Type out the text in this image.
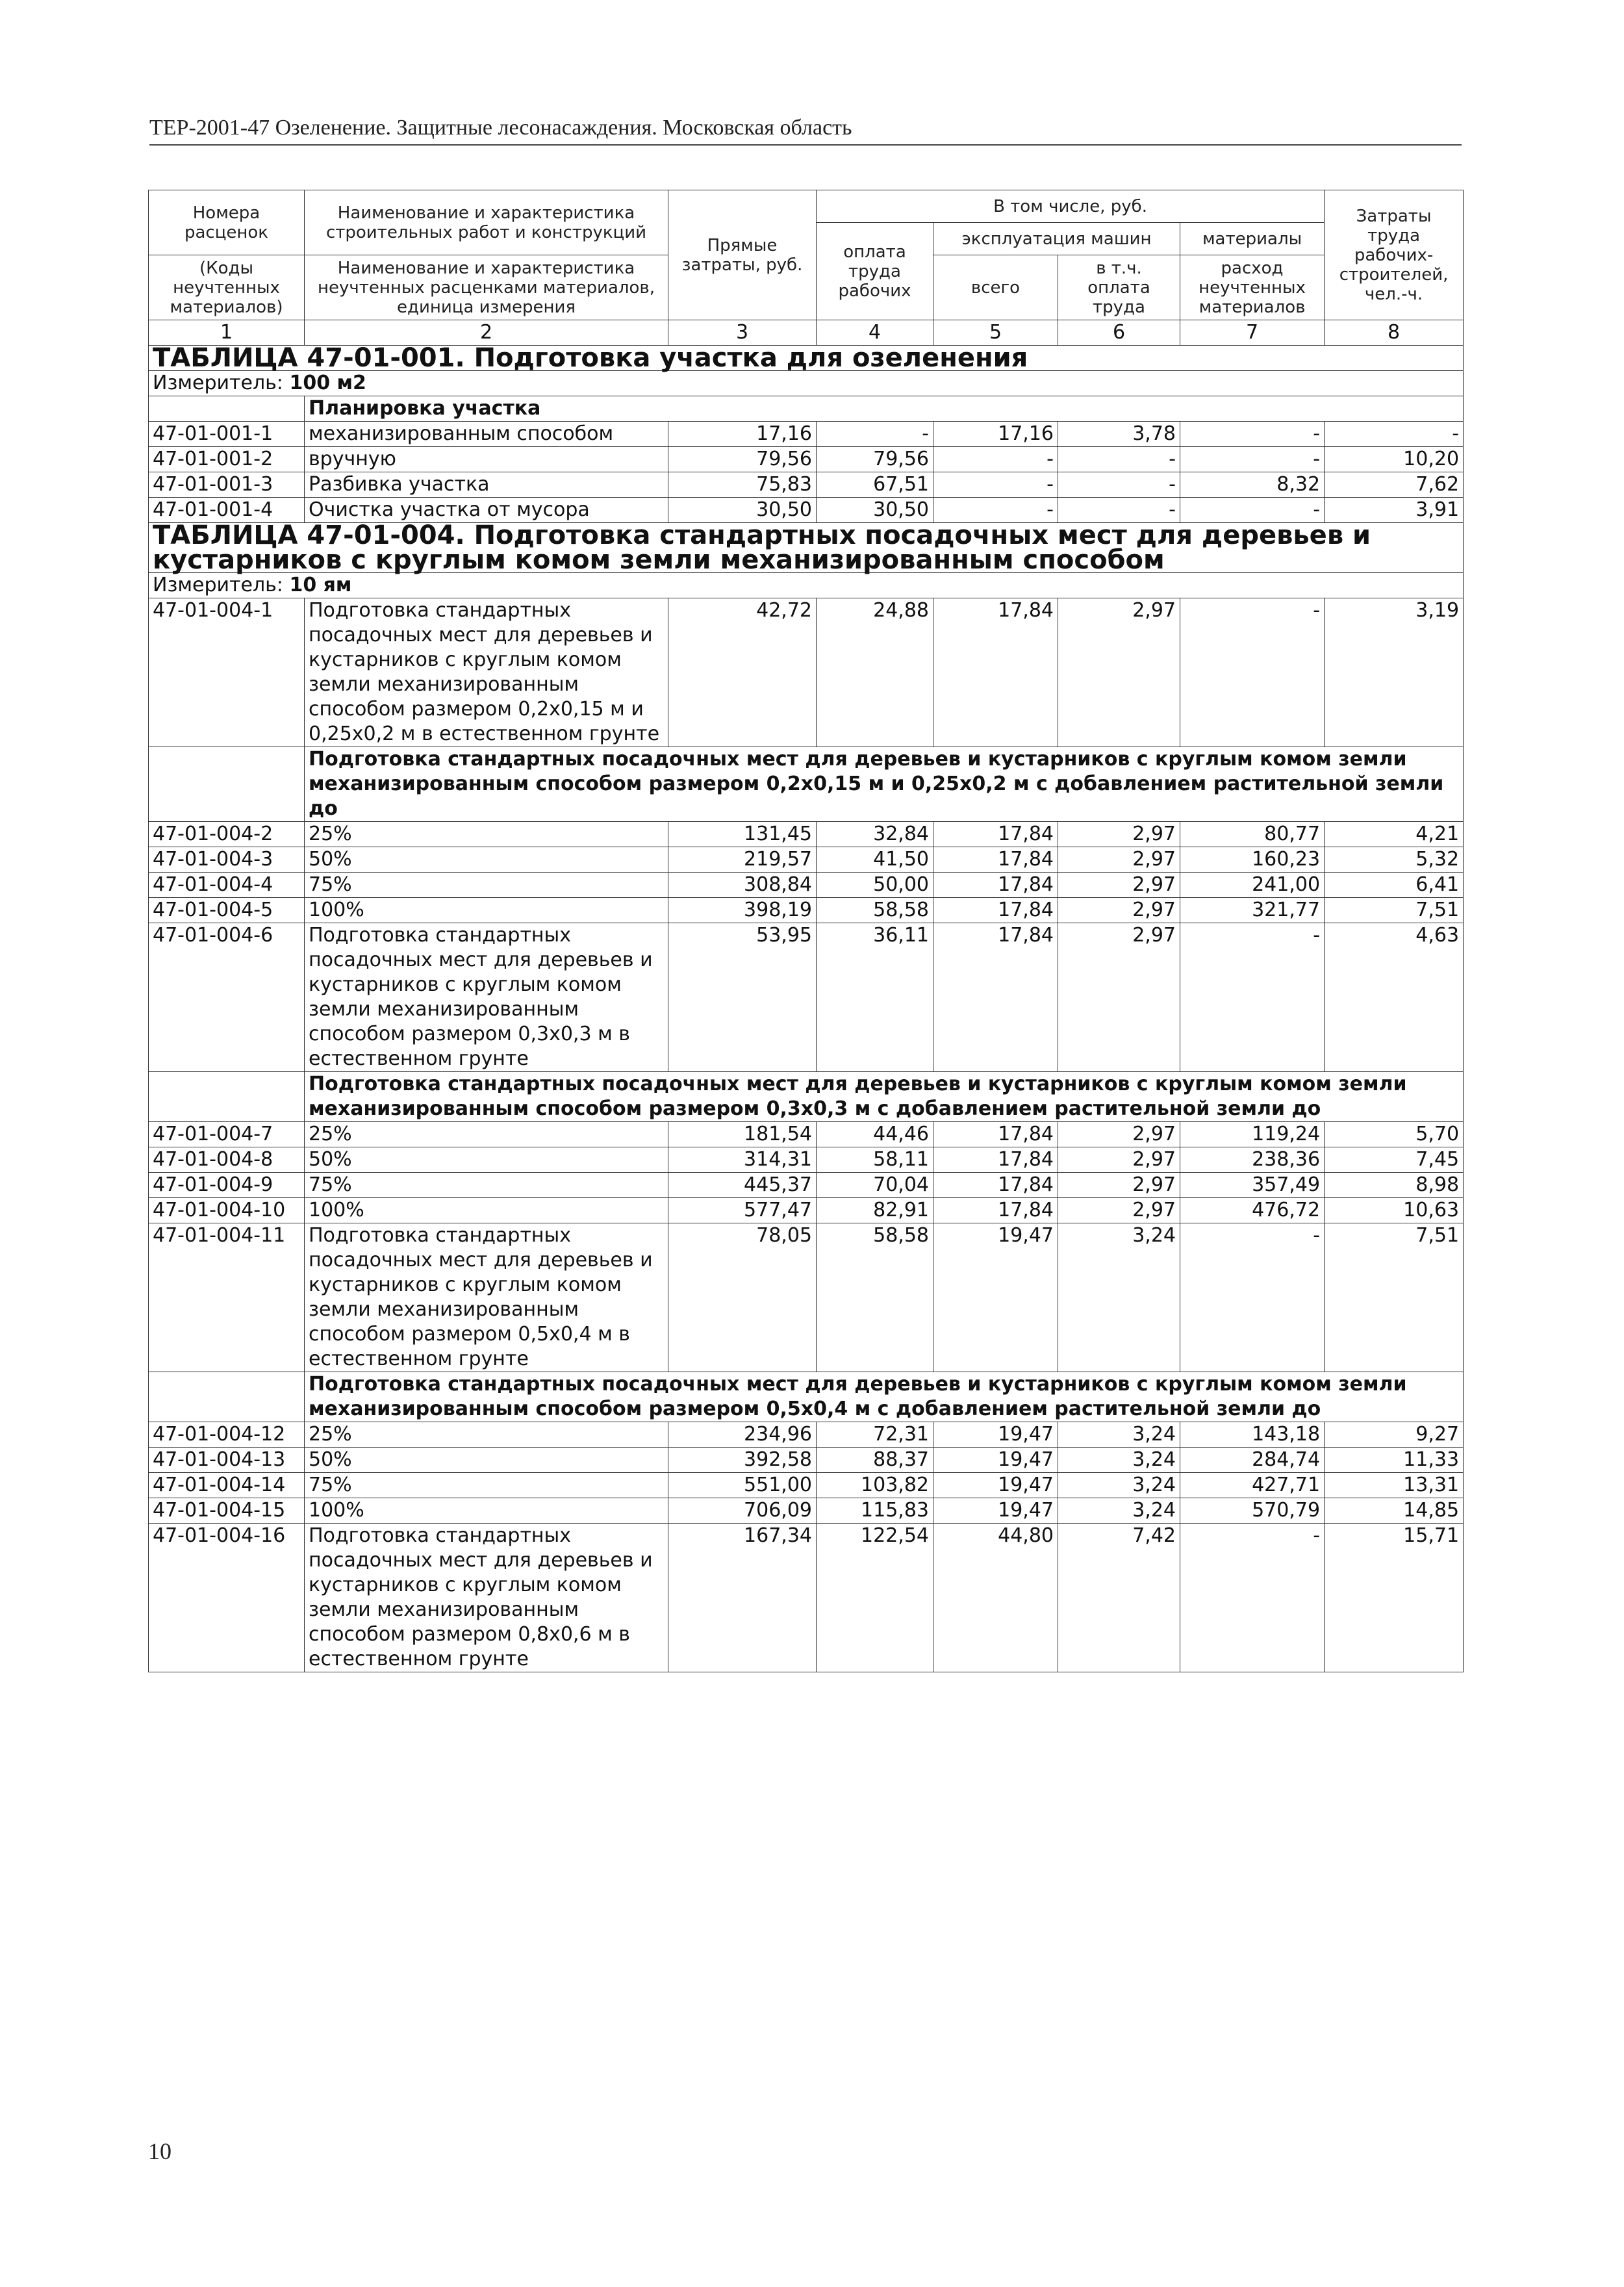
ТЕР-2001-47 Озеленение. Защитные лесонасаждения. Московская область
Номера расценок	Наименование и характеристика строительных работ и конструкций	Прямые затраты, руб.	В том числе, руб.				Затраты труда рабочих-строителей, чел.-ч.
			оплата труда рабочих	эксплуатация машин		материалы	
(Коды неучтенных материалов)	Наименование и характеристика неучтенных расценками материалов, единица измерения			всего	в т.ч. оплата труда	расход неучтенных материалов	

1	2	3	4	5	6	7	8
ТАБЛИЦА 47-01-001. Подготовка участка для озеленения							
Измеритель: 100 м2							
	Планировка участка						
47-01-001-1	механизированным способом	17,16	-	17,16	3,78	-	-
47-01-001-2	вручную	79,56	79,56	-	-	-	10,20
47-01-001-3	Разбивка участка	75,83	67,51	-	-	8,32	7,62
47-01-001-4	Очистка участка от мусора	30,50	30,50	-	-	-	3,91
ТАБЛИЦА 47-01-004. Подготовка стандартных посадочных мест для деревьев и кустарников с круглым комом земли механизированным способом							
Измеритель: 10 ям							
47-01-004-1	Подготовка стандартных посадочных мест для деревьев и кустарников с круглым комом земли механизированным способом размером 0,2х0,15 м и 0,25х0,2 м в естественном грунте	42,72	24,88	17,84	2,97	-	3,19
	Подготовка стандартных посадочных мест для деревьев и кустарников с круглым комом земли механизированным способом размером 0,2х0,15 м и 0,25х0,2 м с добавлением растительной земли до						
47-01-004-2	25%	131,45	32,84	17,84	2,97	80,77	4,21
47-01-004-3	50%	219,57	41,50	17,84	2,97	160,23	5,32
47-01-004-4	75%	308,84	50,00	17,84	2,97	241,00	6,41
47-01-004-5	100%	398,19	58,58	17,84	2,97	321,77	7,51
47-01-004-6	Подготовка стандартных посадочных мест для деревьев и кустарников с круглым комом земли механизированным способом размером 0,3х0,3 м в естественном грунте	53,95	36,11	17,84	2,97	-	4,63
	Подготовка стандартных посадочных мест для деревьев и кустарников с круглым комом земли механизированным способом размером 0,3х0,3 м с добавлением растительной земли до						
47-01-004-7	25%	181,54	44,46	17,84	2,97	119,24	5,70
47-01-004-8	50%	314,31	58,11	17,84	2,97	238,36	7,45
47-01-004-9	75%	445,37	70,04	17,84	2,97	357,49	8,98
47-01-004-10	100%	577,47	82,91	17,84	2,97	476,72	10,63
47-01-004-11	Подготовка стандартных посадочных мест для деревьев и кустарников с круглым комом земли механизированным способом размером 0,5х0,4 м в естественном грунте	78,05	58,58	19,47	3,24	-	7,51
	Подготовка стандартных посадочных мест для деревьев и кустарников с круглым комом земли механизированным способом размером 0,5х0,4 м с добавлением растительной земли до						
47-01-004-12	25%	234,96	72,31	19,47	3,24	143,18	9,27
47-01-004-13	50%	392,58	88,37	19,47	3,24	284,74	11,33
47-01-004-14	75%	551,00	103,82	19,47	3,24	427,71	13,31
47-01-004-15	100%	706,09	115,83	19,47	3,24	570,79	14,85
47-01-004-16	Подготовка стандартных посадочных мест для деревьев и кустарников с круглым комом земли механизированным способом размером 0,8х0,6 м в естественном грунте	167,34	122,54	44,80	7,42	-	15,71
10
